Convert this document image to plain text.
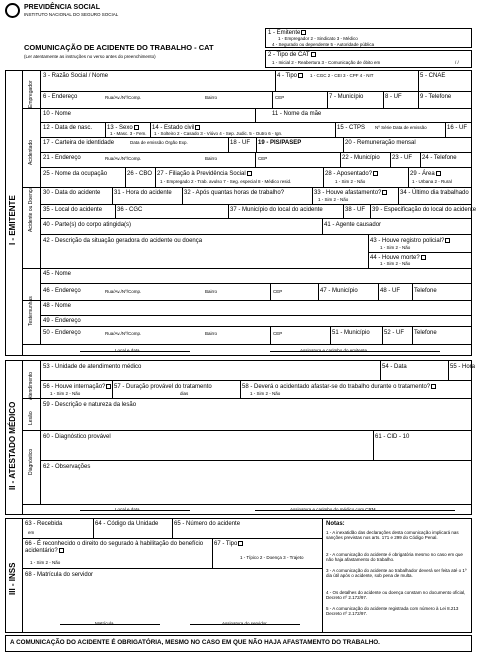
PREVIDÊNCIA SOCIAL
INSTITUTO NACIONAL DO SEGURO SOCIAL
COMUNICAÇÃO DE ACIDENTE DO TRABALHO - CAT
(Ler atentamente as instruções no verso antes do preenchimento)
1 - Emitente
1 - Empregador 2 - Sindicato 3 - Médico
4 - Segurado ou dependente 5 - Autoridade pública
2 - Tipo de CAT
1 - Inicial 2 - Reabertura 3 - Comunicação de óbito em	/ /
I - EMITENTE
Empregador
Acidentado
Acidente ou Doença
Testemunhas
3 - Razão Social / Nome	4 - Tipo	1 - CGC 2 - CEI 3 - CPF 4 - NIT	5 - CNAE
6 - Endereço	Rua/Av./Nº/Comp.	Bairro	CEP	7 - Município	8 - UF	9 - Telefone
10 - Nome	11 - Nome da mãe
12 - Data de nasc. 13 - Sexo
1 - Masc. 3 - Fem.
14 - Estado civil
1 - Solteiro 2 - Casado 3 - Viúvo 4 - Sep. Judic. 5 - Outro 6 - Ign.
15 - CTPS Nº Série Data de emissão	16 - UF
17 - Carteira de identidade	Data de emissão Órgão Exp.	18 - UF 19 - PIS/PASEP	20 - Remuneração mensal
21 - Endereço	Rua/Av./Nº/Comp.	Bairro	CEP	22 - Município 23 - UF 24 - Telefone
25 - Nome da ocupação	26 - CBO 27 - Filiação à Previdência Social
1 - Empregado 2 - Trab. avulso 7 - Seg. especial 8 - Médico resid.
28 - Aposentado?
1 - Sim 2 - Não
29 - Área
1 - Urbana 2 - Rural
30 - Data do acidente 31 - Hora do acidente 32 - Após quantas horas de trabalho?	33 - Houve afastamento?
1 - Sim 2 - Não
34 - Último dia trabalhado
35 - Local do acidente 36 - CGC	37 - Município do local do acidente	38 - UF 39 - Especificação do local do acidente
40 - Parte(s) do corpo atingida(s)	41 - Agente causador
42 - Descrição da situação geradora do acidente ou doença	43 - Houve registro policial?
1 - Sim 2 - Não
44 - Houve morte?
1 - Sim 2 - Não
45 - Nome
46 - Endereço	Rua/Av./Nº/Comp.	Bairro	CEP	47 - Município	48 - UF Telefone
48 - Nome
49 - Endereço
50 - Endereço	Rua/Av./Nº/Comp.	Bairro	CEP	51 - Município 52 - UF Telefone
Local e data	Assinatura e carimbo do emitente
II - ATESTADO MÉDICO
Atendimento
Lesão
Diagnóstico
53 - Unidade de atendimento médico	54 - Data	55 - Hora
56 - Houve internação?
1 - Sim 2 - Não
57 - Duração provável do tratamento
dias
58 - Deverá o acidentado afastar-se do trabalho durante o tratamento?
1 - Sim 2 - Não
59 - Descrição e natureza da lesão
60 - Diagnóstico provável	61 - CID - 10
62 - Observações
Local e data	Assinatura e carimbo do médico com CRM
III - INSS
63 - Recebida
em
64 - Código da Unidade	65 - Número do acidente
66 - É reconhecido o direito do segurado à habilitação do benefício acidentário?
1 - Sim 2 - Não
67 - Tipo
1 - Típico 2 - Doença 3 - Trajeto
68 - Matrícula do servidor
Matrícula	Assinatura do servidor
Notas:
1 - A inexatidão das declarações desta comunicação implicará nas sanções previstas nos arts. 171 e 299 do Código Penal.
2 - A comunicação do acidente é obrigatória mesmo no caso em que não haja afastamento do trabalho.
3 - A comunicação do acidente ao trabalhador deverá ser feita até o 1º dia útil após o acidente, sob pena de multa.
4 - Os detalhes do acidente ou doença constam no documento oficial, Decreto nº 2.172/97.
5 - A comunicação do acidente registrada com número à Lei 8.213 Decreto nº 2.172/97.
A COMUNICAÇÃO DO ACIDENTE É OBRIGATÓRIA, MESMO NO CASO EM QUE NÃO HAJA AFASTAMENTO DO TRABALHO.
